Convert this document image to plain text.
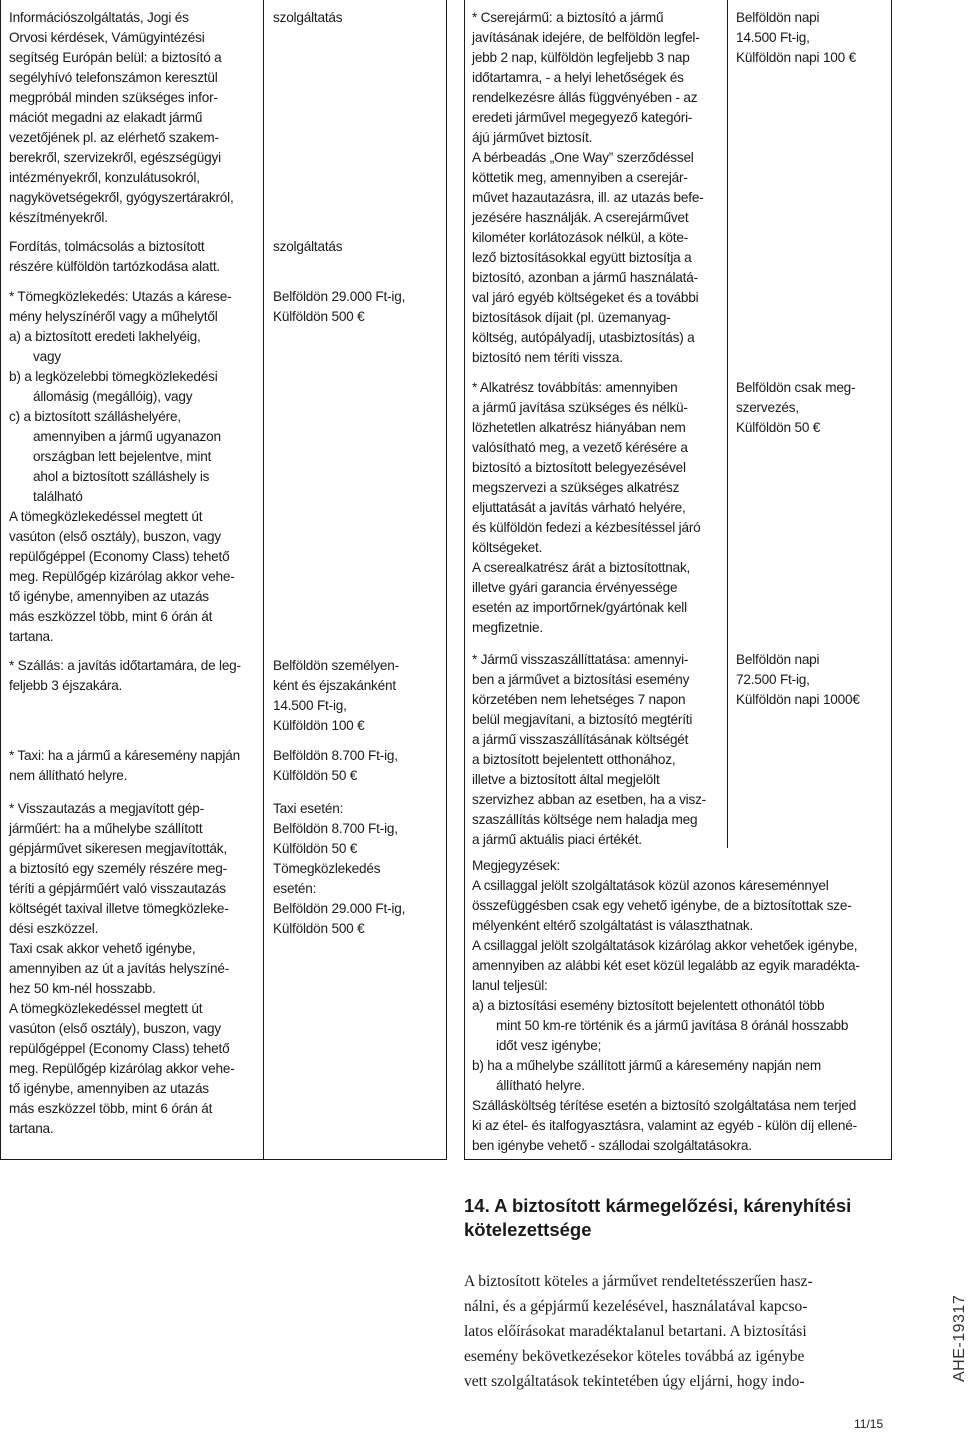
Információszolgáltatás, Jogi és
Orvosi kérdések, Vámügyintézési
segítség Európán belül: a biztosító a
segélyhívó telefonszámon keresztül
megpróbál minden szükséges infor-
mációt megadni az elakadt jármű
vezetőjének pl. az elérhető szakem-
berekről, szervizekről, egészségügyi
intézményekről, konzulátusokról,
nagykövetségekről, gyógyszertárakról,
készítményekről.
Fordítás, tolmácsolás a biztosított
részére külföldön tartózkodása alatt.
* Tömegközlekedés: Utazás a kárese-
mény helyszínéről vagy a műhelytől
a) a biztosított eredeti lakhelyéig,
vagy
b) a legközelebbi tömegközlekedési
állomásig (megállóig), vagy
c) a biztosított szálláshelyére,
amennyiben a jármű ugyanazon
országban lett bejelentve, mint
ahol a biztosított szálláshely is
található
A tömegközlekedéssel megtett út
vasúton (első osztály), buszon, vagy
repülőgéppel (Economy Class) tehető
meg. Repülőgép kizárólag akkor vehe-
tő igénybe, amennyiben az utazás
más eszközzel több, mint 6 órán át
tartana.
* Szállás: a javítás időtartamára, de leg-
feljebb 3 éjszakára.
* Taxi: ha a jármű a káresemény napján
nem állítható helyre.
* Visszautazás a megjavított gép-
járműért: ha a műhelybe szállított
gépjárművet sikeresen megjavították,
a biztosító egy személy részére meg-
téríti a gépjárműért való visszautazás
költségét taxival illetve tömegközleke-
dési eszközzel.
Taxi csak akkor vehető igénybe,
amennyiben az út a javítás helyszíné-
hez 50 km-nél hosszabb.
A tömegközlekedéssel megtett út
vasúton (első osztály), buszon, vagy
repülőgéppel (Economy Class) tehető
meg. Repülőgép kizárólag akkor vehe-
tő igénybe, amennyiben az utazás
más eszközzel több, mint 6 órán át
tartana.
szolgáltatás
szolgáltatás
Belföldön 29.000 Ft-ig,
Külföldön 500 €
Belföldön személyen-
ként és éjszakánként
14.500 Ft-ig,
Külföldön 100 €
Belföldön 8.700 Ft-ig,
Külföldön 50 €
Taxi esetén:
Belföldön 8.700 Ft-ig,
Külföldön 50 €
Tömegközlekedés
esetén:
Belföldön 29.000 Ft-ig,
Külföldön 500 €
* Cserejármű: a biztosító a jármű
javításának idejére, de belföldön legfel-
jebb 2 nap, külföldön legfeljebb 3 nap
időtartamra, - a helyi lehetőségek és
rendelkezésre állás függvényében - az
eredeti járművel megegyező kategóri-
ájú járművet biztosít.
A bérbeadás „One Way” szerződéssel
köttetik meg, amennyiben a cserejár-
művet hazautazásra, ill. az utazás befe-
jezésére használják. A cserejárművet
kilométer korlátozások nélkül, a köte-
lező biztosításokkal együtt biztosítja a
biztosító, azonban a jármű használatá-
val járó egyéb költségeket és a további
biztosítások díjait (pl. üzemanyag-
költség, autópályadíj, utasbiztosítás) a
biztosító nem téríti vissza.
* Alkatrész továbbítás: amennyiben
a jármű javítása szükséges és nélkü-
lözhetetlen alkatrész hiányában nem
valósítható meg, a vezető kérésére a
biztosító a biztosított belegyezésével
megszervezi a szükséges alkatrész
eljuttatását a javítás várható helyére,
és külföldön fedezi a kézbesítéssel járó
költségeket.
A cserealkatrész árát a biztosítottnak,
illetve gyári garancia érvényessége
esetén az importőrnek/gyártónak kell
megfizetnie.
* Jármű visszaszállíttatása: amennyi-
ben a járművet a biztosítási esemény
körzetében nem lehetséges 7 napon
belül megjavítani, a biztosító megtéríti
a jármű visszaszállításának költségét
a biztosított bejelentett otthonához,
illetve a biztosított által megjelölt
szervizhez abban az esetben, ha a visz-
szaszállítás költsége nem haladja meg
a jármű aktuális piaci értékét.
Belföldön napi
14.500 Ft-ig,
Külföldön napi 100 €
Belföldön csak meg-
szervezés,
Külföldön 50 €
Belföldön napi
72.500 Ft-ig,
Külföldön napi 1000€
Megjegyzések:
A csillaggal jelölt szolgáltatások közül azonos káreseménnyel
összefüggésben csak egy vehető igénybe, de a biztosítottak sze-
mélyenként eltérő szolgáltatást is választhatnak.
A csillaggal jelölt szolgáltatások kizárólag akkor vehetőek igénybe,
amennyiben az alábbi két eset közül legalább az egyik maradékta-
lanul teljesül:
a) a biztosítási esemény biztosított bejelentett othonától több
mint 50 km-re történik és a jármű javítása 8 óránál hosszabb
időt vesz igénybe;
b) ha a műhelybe szállított jármű a káresemény napján nem
állítható helyre.
Szállásköltség térítése esetén a biztosító szolgáltatása nem terjed
ki az étel- és italfogyasztásra, valamint az egyéb - külön díj ellené-
ben igénybe vehető - szállodai szolgáltatásokra.
14. A biztosított kármegelőzési, kárenyhítési
kötelezettsége
A biztosított köteles a járművet rendeltetésszerűen hasz-
nálni, és a gépjármű kezelésével, használatával kapcso-
latos előírásokat maradéktalanul betartani. A biztosítási
esemény bekövetkezésekor köteles továbbá az igénybe
vett szolgáltatások tekintetében úgy eljárni, hogy indo-	AHE-19317
11/15
